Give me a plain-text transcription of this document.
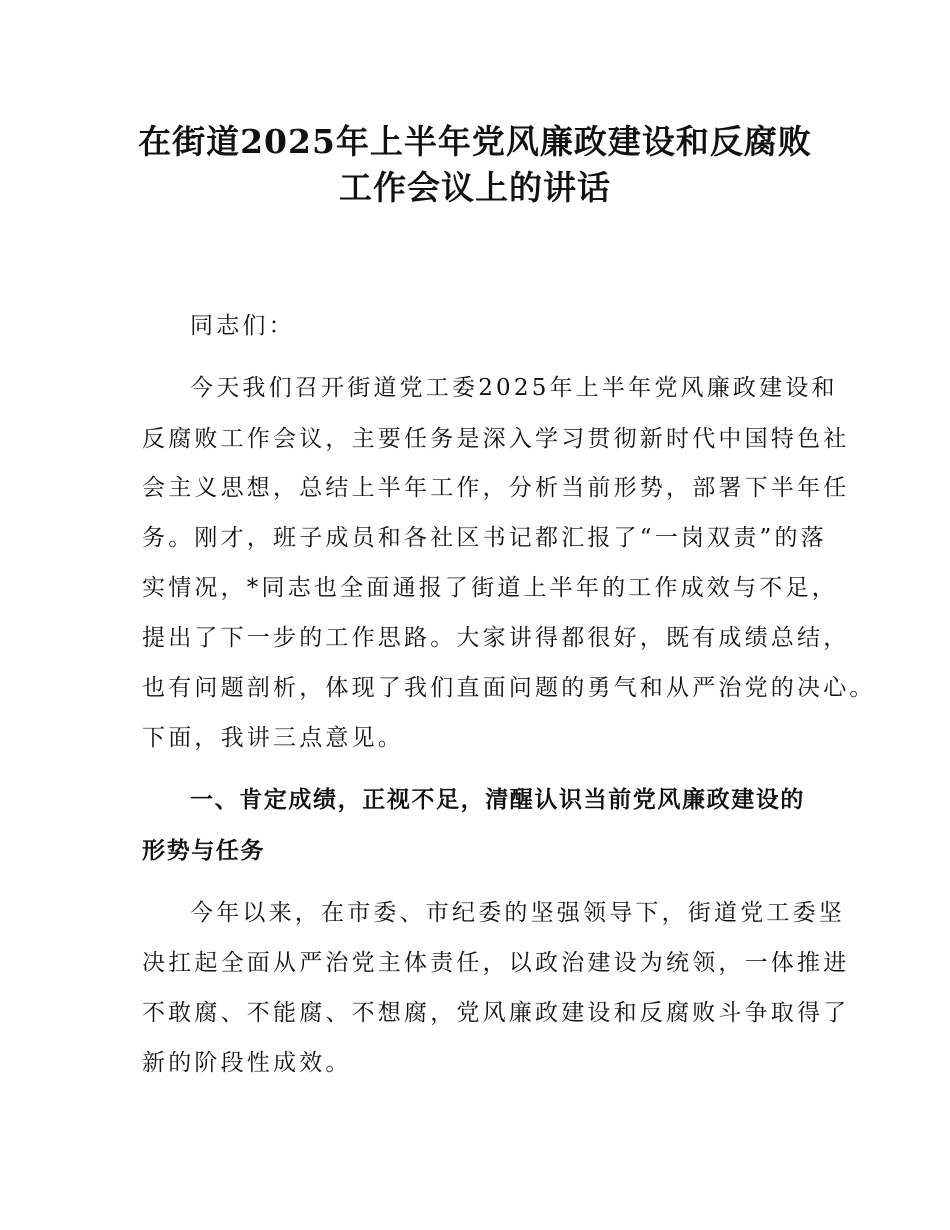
在街道2025年上半年党风廉政建设和反腐败
工作会议上的讲话

同志们：

今天我们召开街道党工委2025年上半年党风廉政建设和

反腐败工作会议，主要任务是深入学习贯彻新时代中国特色社

会主义思想，总结上半年工作，分析当前形势，部署下半年任

务。刚才，班子成员和各社区书记都汇报了“一岗双责”的落

实情况，*同志也全面通报了街道上半年的工作成效与不足，

提出了下一步的工作思路。大家讲得都很好，既有成绩总结，

也有问题剖析，体现了我们直面问题的勇气和从严治党的决心。

下面，我讲三点意见。

一、肯定成绩，正视不足，清醒认识当前党风廉政建设的
形势与任务

今年以来，在市委、市纪委的坚强领导下，街道党工委坚

决扛起全面从严治党主体责任，以政治建设为统领，一体推进

不敢腐、不能腐、不想腐，党风廉政建设和反腐败斗争取得了

新的阶段性成效。
